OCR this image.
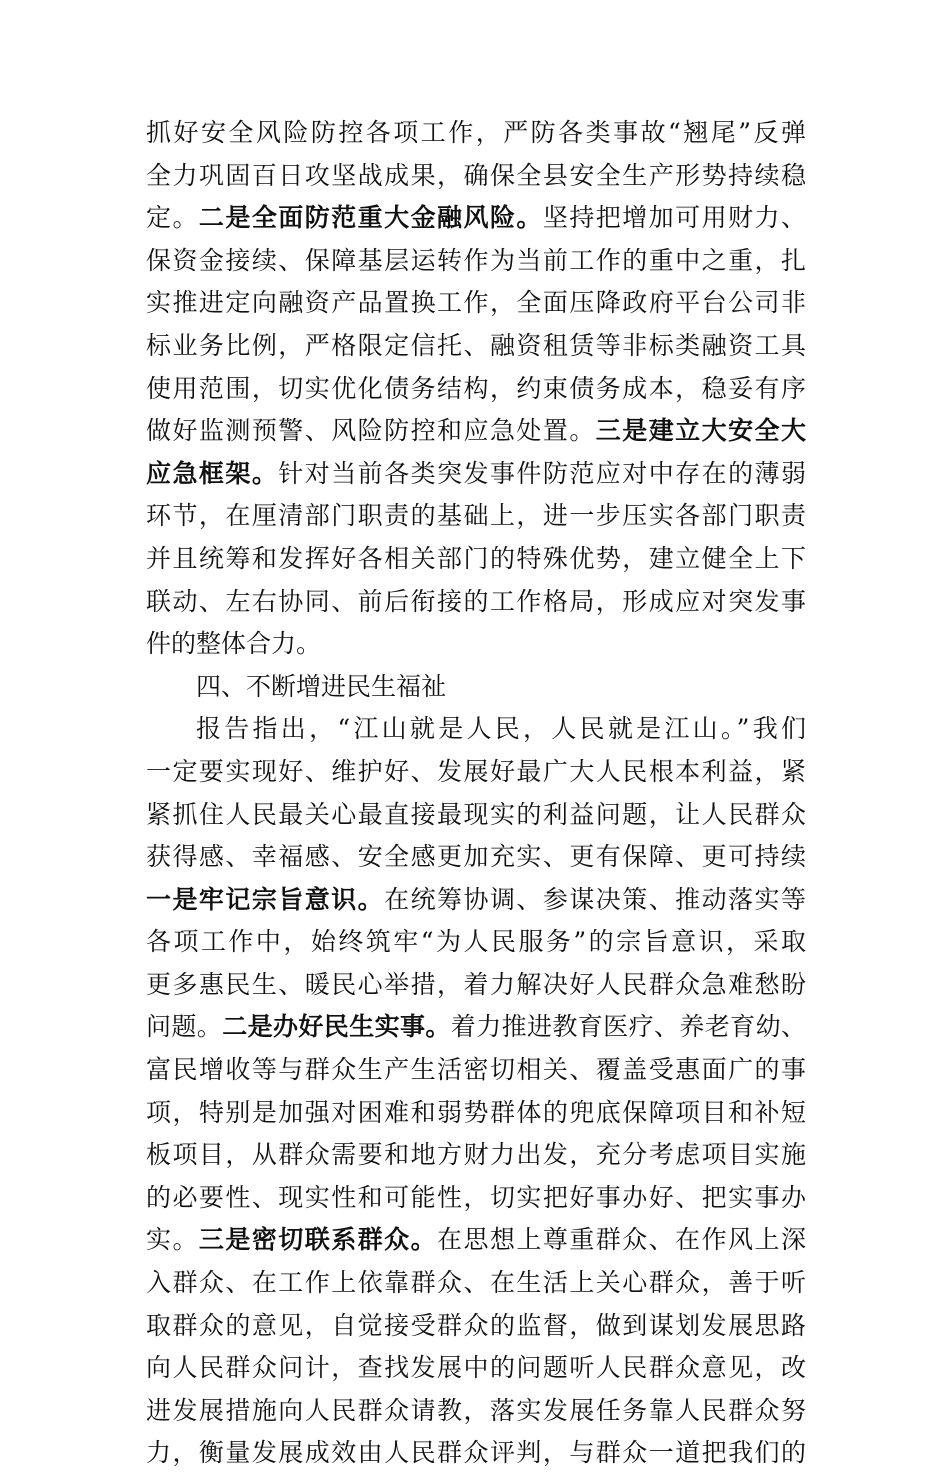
抓好安全风险防控各项工作，严防各类事故“翘尾”反弹
全力巩固百日攻坚战成果，确保全县安全生产形势持续稳
定。二是全面防范重大金融风险。坚持把增加可用财力、
保资金接续、保障基层运转作为当前工作的重中之重，扎
实推进定向融资产品置换工作，全面压降政府平台公司非
标业务比例，严格限定信托、融资租赁等非标类融资工具
使用范围，切实优化债务结构，约束债务成本，稳妥有序
做好监测预警、风险防控和应急处置。三是建立大安全大
应急框架。针对当前各类突发事件防范应对中存在的薄弱
环节，在厘清部门职责的基础上，进一步压实各部门职责
并且统筹和发挥好各相关部门的特殊优势，建立健全上下
联动、左右协同、前后衔接的工作格局，形成应对突发事
件的整体合力。
四、不断增进民生福祉
报告指出，“江山就是人民，人民就是江山。”我们
一定要实现好、维护好、发展好最广大人民根本利益，紧
紧抓住人民最关心最直接最现实的利益问题，让人民群众
获得感、幸福感、安全感更加充实、更有保障、更可持续
一是牢记宗旨意识。在统筹协调、参谋决策、推动落实等
各项工作中，始终筑牢“为人民服务”的宗旨意识，采取
更多惠民生、暖民心举措，着力解决好人民群众急难愁盼
问题。二是办好民生实事。着力推进教育医疗、养老育幼、
富民增收等与群众生产生活密切相关、覆盖受惠面广的事
项，特别是加强对困难和弱势群体的兜底保障项目和补短
板项目，从群众需要和地方财力出发，充分考虑项目实施
的必要性、现实性和可能性，切实把好事办好、把实事办
实。三是密切联系群众。在思想上尊重群众、在作风上深
入群众、在工作上依靠群众、在生活上关心群众，善于听
取群众的意见，自觉接受群众的监督，做到谋划发展思路
向人民群众问计，查找发展中的问题听人民群众意见，改
进发展措施向人民群众请教，落实发展任务靠人民群众努
力，衡量发展成效由人民群众评判，与群众一道把我们的
